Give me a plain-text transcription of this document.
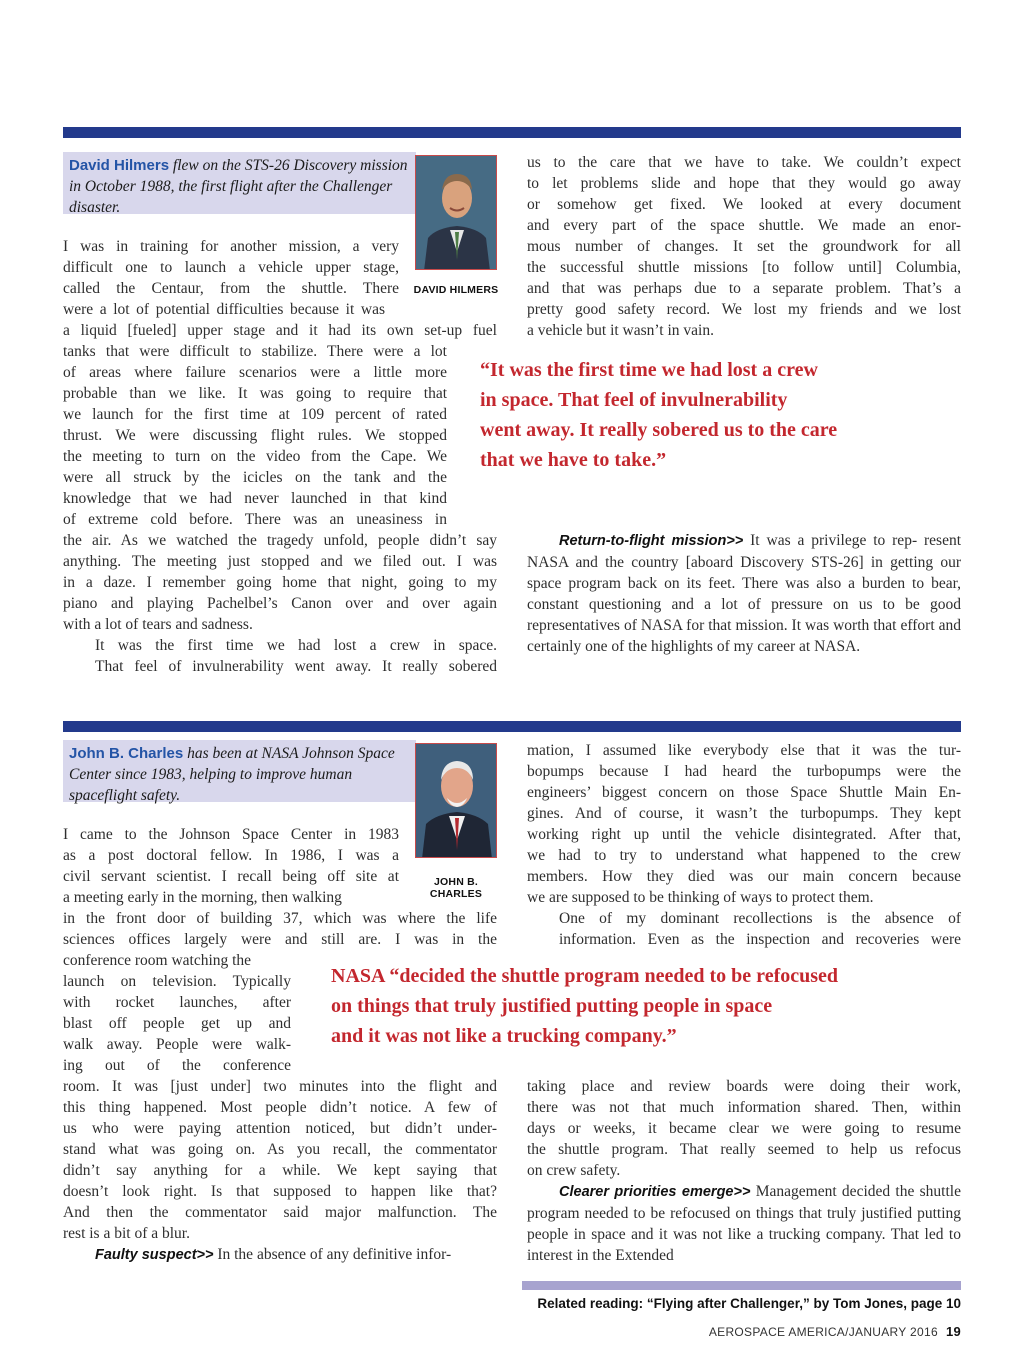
David Hilmers flew on the STS-26 Discovery mission in October 1988, the first flight after the Challenger disaster.
DAVID HILMERS

I was in training for another mission, a very
difficult one to launch a vehicle upper stage,
called the Centaur, from the shuttle. There
were a lot of potential difficulties because it was
a liquid [fueled] upper stage and it had its own set-up fuel
tanks that were difficult to stabilize. There were a lot
of areas where failure scenarios were a little more
probable than we like. It was going to require that
we launch for the first time at 109 percent of rated
thrust. We were discussing flight rules. We stopped
the meeting to turn on the video from the Cape. We
were all struck by the icicles on the tank and the
knowledge that we had never launched in that kind
of extreme cold before. There was an uneasiness in
the air. As we watched the tragedy unfold, people didn’t say
anything. The meeting just stopped and we filed out. I was
in a daze. I remember going home that night, going to my
piano and playing Pachelbel’s Canon over and over again
with a lot of tears and sadness.

It was the first time we had lost a crew in space.
That feel of invulnerability went away. It really sobered

us to the care that we have to take. We couldn’t expect
to let problems slide and hope that they would go away
or somehow get fixed. We looked at every document
and every part of the space shuttle. We made an enor-
mous number of changes. It set the groundwork for all
the successful shuttle missions [to follow until] Columbia,
and that was perhaps due to a separate problem. That’s a
pretty good safety record. We lost my friends and we lost
a vehicle but it wasn’t in vain.

“It was the first time we had lost a crew
in space. That feel of invulnerability
went away. It really sobered us to the care
that we have to take.”

Return-to-flight mission>> It was a privilege to rep- resent NASA and the country [aboard Discovery STS-26] in getting our space program back on its feet. There was also a burden to bear, constant questioning and a lot of pressure on us to be good representatives of NASA for that mission. It was worth that effort and certainly one of the highlights of my career at NASA.

John B. Charles has been at NASA Johnson Space Center since 1983, helping to improve human spaceflight safety.
JOHN B. CHARLES

I came to the Johnson Space Center in 1983
as a post doctoral fellow. In 1986, I was a
civil servant scientist. I recall being off site at
a meeting early in the morning, then walking
in the front door of building 37, which was where the life
sciences offices largely were and still are. I was in the
conference room watching the
launch on television. Typically
with rocket launches, after
blast off people get up and
walk away. People were walk-
ing out of the conference
room. It was [just under] two minutes into the flight and
this thing happened. Most people didn’t notice. A few of
us who were paying attention noticed, but didn’t under-
stand what was going on. As you recall, the commentator
didn’t say anything for a while. We kept saying that
doesn’t look right. Is that supposed to happen like that?
And then the commentator said major malfunction. The
rest is a bit of a blur.

Faulty suspect>> In the absence of any definitive infor-

mation, I assumed like everybody else that it was the tur-
bopumps because I had heard the turbopumps were the
engineers’ biggest concern on those Space Shuttle Main En-
gines. And of course, it wasn’t the turbopumps. They kept
working right up until the vehicle disintegrated. After that,
we had to try to understand what happened to the crew
members. How they died was our main concern because
we are supposed to be thinking of ways to protect them.

One of my dominant recollections is the absence of
information. Even as the inspection and recoveries were

NASA “decided the shuttle program needed to be refocused
on things that truly justified putting people in space
and it was not like a trucking company.”

taking place and review boards were doing their work,
there was not that much information shared. Then, within
days or weeks, it became clear we were going to resume
the shuttle program. That really seemed to help us refocus
on crew safety.

Clearer priorities emerge>> Management decided the shuttle program needed to be refocused on things that truly justified putting people in space and it was not like a trucking company. That led to interest in the Extended

Related reading: “Flying after Challenger,” by Tom Jones, page 10
AEROSPACE AMERICA/JANUARY 2016 19
